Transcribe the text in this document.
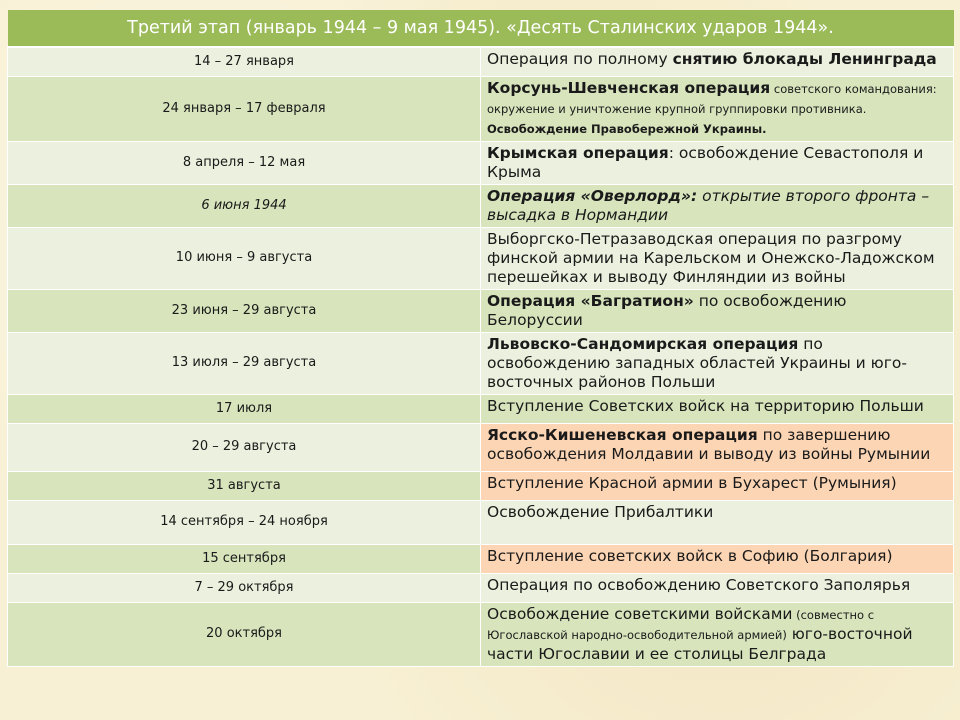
Третий этап (январь 1944 – 9 мая 1945). «Десять Сталинских ударов 1944».	
14 – 27 января	Операция по полному снятию блокады Ленинграда
24 января – 17 февраля	Корсунь-Шевченская операция советского командования: окружение и уничтожение крупной группировки противника. Освобождение Правобережной Украины.
8 апреля – 12 мая	Крымская операция: освобождение Севастополя и Крыма
6 июня 1944	Операция «Оверлорд»: открытие второго фронта – высадка в Нормандии
10 июня – 9 августа	Выборгско-Петразаводская операция по разгрому финской армии на Карельском и Онежско-Ладожском перешейках и выводу Финляндии из войны
23 июня – 29 августа	Операция «Багратион» по освобождению Белоруссии
13 июля – 29 августа	Львовско-Сандомирская операция по освобождению западных областей Украины и юго-восточных районов Польши
17 июля	Вступление Советских войск на территорию Польши
20 – 29 августа	Ясско-Кишеневская операция по завершению освобождения Молдавии и выводу из войны Румынии
31 августа	Вступление Красной армии в Бухарест (Румыния)
14 сентября – 24 ноября	Освобождение Прибалтики
15 сентября	Вступление советских войск в Софию (Болгария)
7 – 29 октября	Операция по освобождению Советского Заполярья
20 октября	Освобождение советскими войсками (совместно с Югославской народно-освободительной армией) юго-восточной части Югославии и ее столицы Белграда
